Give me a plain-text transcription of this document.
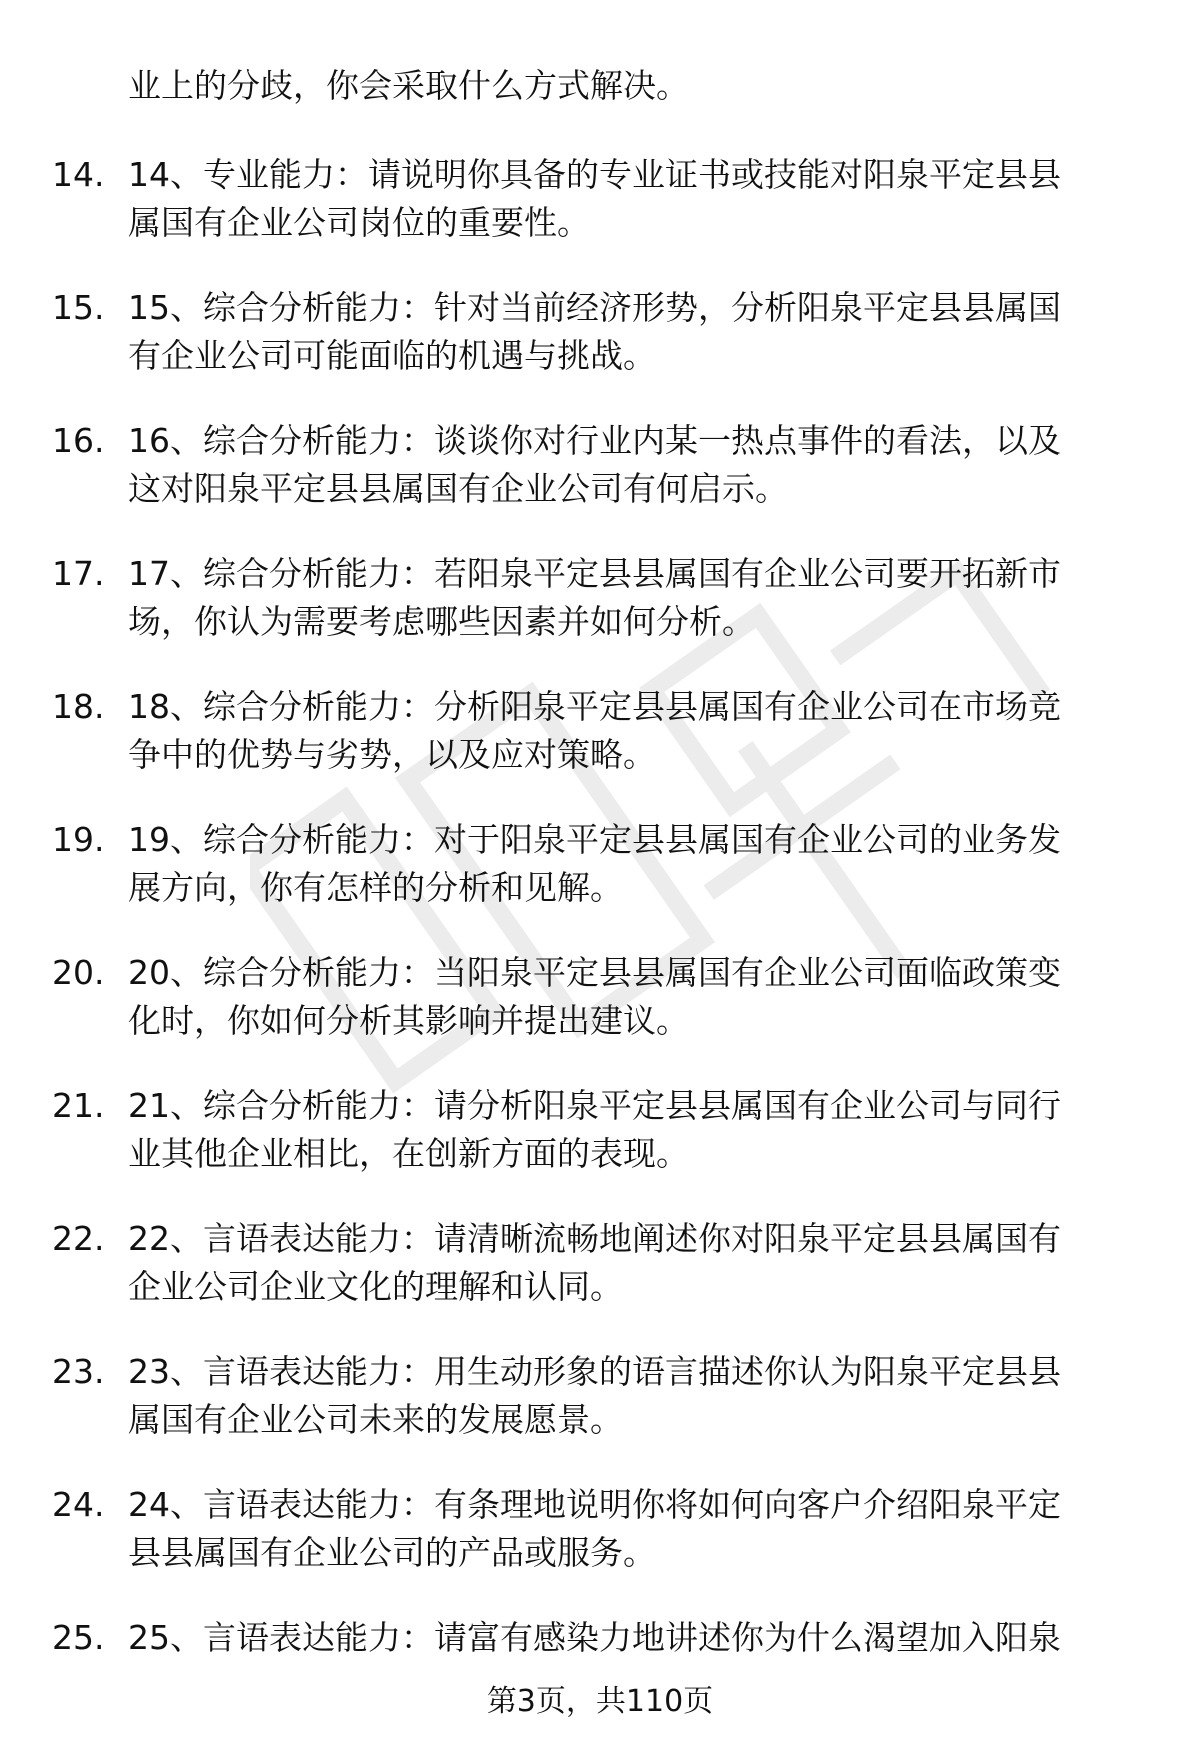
业上的分歧，你会采取什么方式解决。
14. 14、专业能力：请说明你具备的专业证书或技能对阳泉平定县县
属国有企业公司岗位的重要性。
15. 15、综合分析能力：针对当前经济形势，分析阳泉平定县县属国
有企业公司可能面临的机遇与挑战。
16. 16、综合分析能力：谈谈你对行业内某一热点事件的看法，以及
这对阳泉平定县县属国有企业公司有何启示。
17. 17、综合分析能力：若阳泉平定县县属国有企业公司要开拓新市
场，你认为需要考虑哪些因素并如何分析。
18. 18、综合分析能力：分析阳泉平定县县属国有企业公司在市场竞
争中的优势与劣势，以及应对策略。
19. 19、综合分析能力：对于阳泉平定县县属国有企业公司的业务发
展方向，你有怎样的分析和见解。
20. 20、综合分析能力：当阳泉平定县县属国有企业公司面临政策变
化时，你如何分析其影响并提出建议。
21. 21、综合分析能力：请分析阳泉平定县县属国有企业公司与同行
业其他企业相比，在创新方面的表现。
22. 22、言语表达能力：请清晰流畅地阐述你对阳泉平定县县属国有
企业公司企业文化的理解和认同。
23. 23、言语表达能力：用生动形象的语言描述你认为阳泉平定县县
属国有企业公司未来的发展愿景。
24. 24、言语表达能力：有条理地说明你将如何向客户介绍阳泉平定
县县属国有企业公司的产品或服务。
25. 25、言语表达能力：请富有感染力地讲述你为什么渴望加入阳泉
第3页，共110页
